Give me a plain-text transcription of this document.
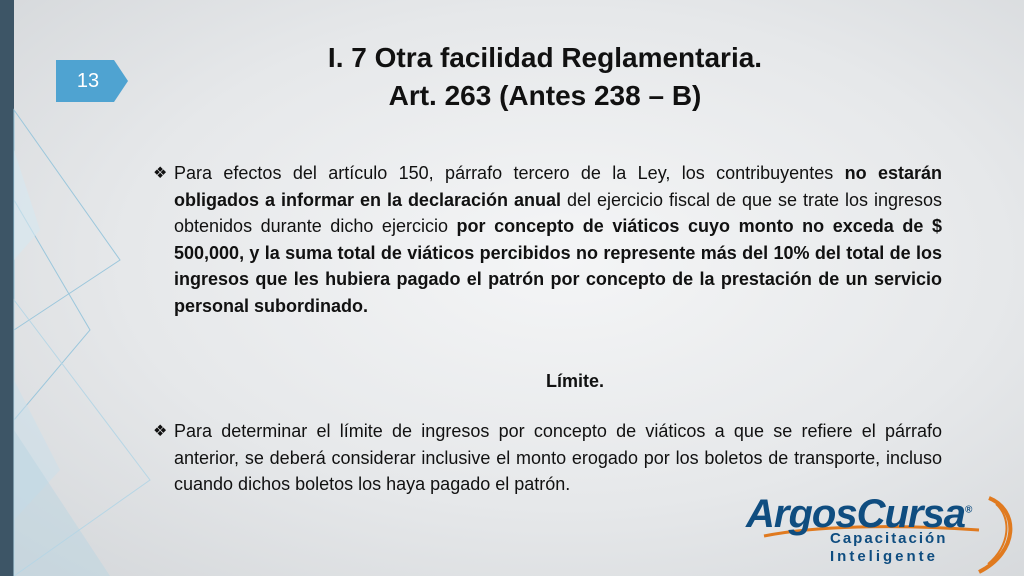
13
I. 7 Otra facilidad Reglamentaria.
Art. 263 (Antes 238 – B)
❖ Para efectos del artículo 150, párrafo tercero de la Ley, los contribuyentes no estarán obligados a informar en la declaración anual del ejercicio fiscal de que se trate los ingresos obtenidos durante dicho ejercicio por concepto de viáticos cuyo monto no exceda de $ 500,000, y la suma total de viáticos percibidos no represente más del 10% del total de los ingresos que les hubiera pagado el patrón por concepto de la prestación de un servicio personal subordinado.
Límite.
❖ Para determinar el límite de ingresos por concepto de viáticos a que se refiere el párrafo anterior, se deberá considerar inclusive el monto erogado por los boletos de transporte, incluso cuando dichos boletos los haya pagado el patrón.
ArgosCursa®
Capacitación
Inteligente
